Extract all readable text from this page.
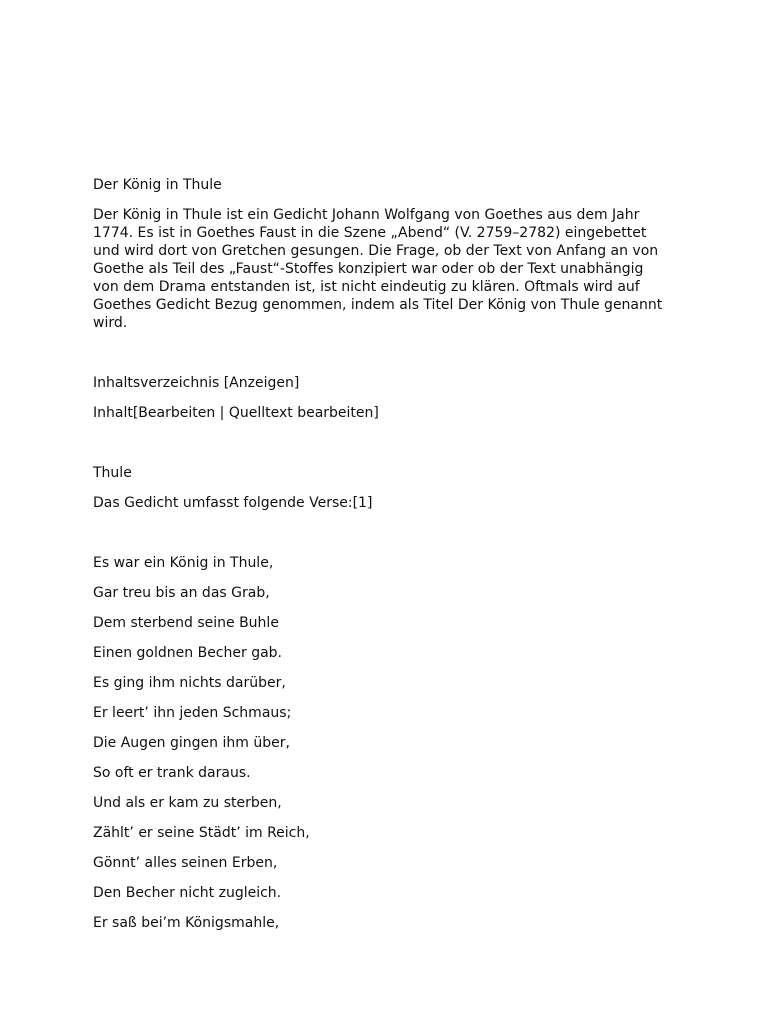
Der König in Thule
Der König in Thule ist ein Gedicht Johann Wolfgang von Goethes aus dem Jahr
1774. Es ist in Goethes Faust in die Szene „Abend“ (V. 2759–2782) eingebettet
und wird dort von Gretchen gesungen. Die Frage, ob der Text von Anfang an von
Goethe als Teil des „Faust“-Stoffes konzipiert war oder ob der Text unabhängig
von dem Drama entstanden ist, ist nicht eindeutig zu klären. Oftmals wird auf
Goethes Gedicht Bezug genommen, indem als Titel Der König von Thule genannt
wird.
Inhaltsverzeichnis [Anzeigen]
Inhalt[Bearbeiten | Quelltext bearbeiten]
Thule
Das Gedicht umfasst folgende Verse:[1]
Es war ein König in Thule,
Gar treu bis an das Grab,
Dem sterbend seine Buhle
Einen goldnen Becher gab.
Es ging ihm nichts darüber,
Er leert’ ihn jeden Schmaus;
Die Augen gingen ihm über,
So oft er trank daraus.
Und als er kam zu sterben,
Zählt’ er seine Städt’ im Reich,
Gönnt’ alles seinen Erben,
Den Becher nicht zugleich.
Er saß bei’m Königsmahle,
